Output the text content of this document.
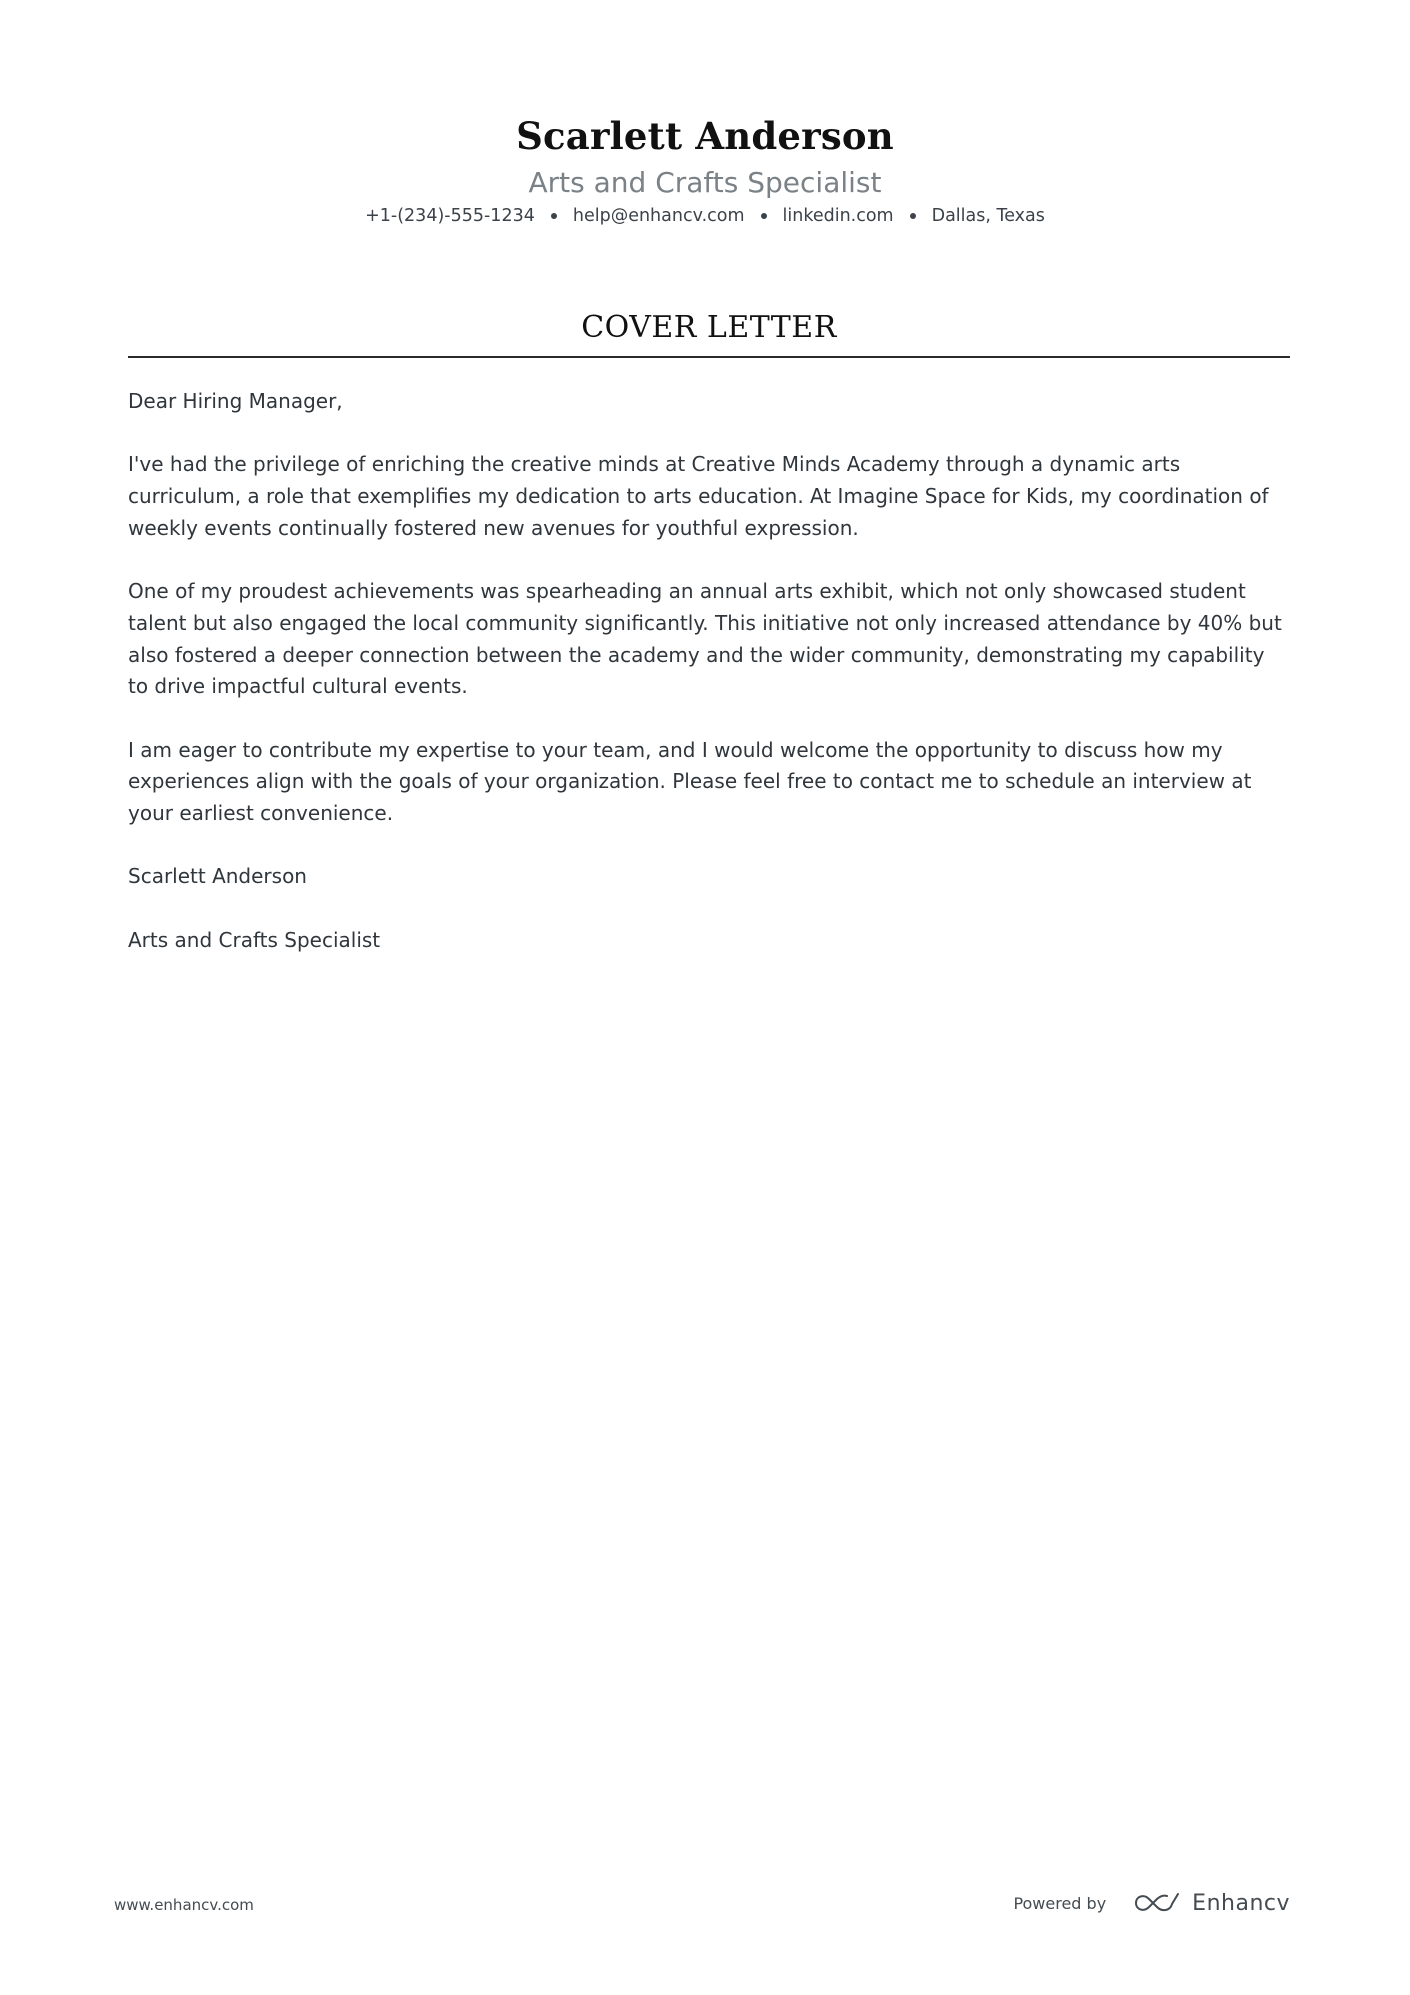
Scarlett Anderson
Arts and Crafts Specialist
+1-(234)-555-1234 help@enhancv.com linkedin.com Dallas, Texas
COVER LETTER

Dear Hiring Manager,

I've had the privilege of enriching the creative minds at Creative Minds Academy through a dynamic arts curriculum, a role that exemplifies my dedication to arts education. At Imagine Space for Kids, my coordination of weekly events continually fostered new avenues for youthful expression.

One of my proudest achievements was spearheading an annual arts exhibit, which not only showcased student talent but also engaged the local community significantly. This initiative not only increased attendance by 40% but also fostered a deeper connection between the academy and the wider community, demonstrating my capability to drive impactful cultural events.

I am eager to contribute my expertise to your team, and I would welcome the opportunity to discuss how my experiences align with the goals of your organization. Please feel free to contact me to schedule an interview at your earliest convenience.

Scarlett Anderson

Arts and Crafts Specialist

www.enhancv.com	Powered by	Enhancv
